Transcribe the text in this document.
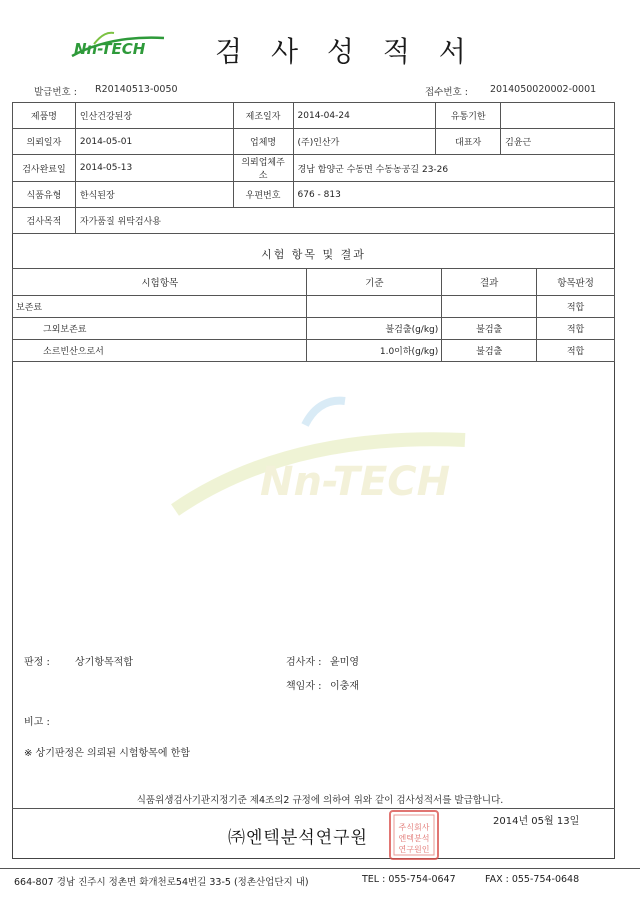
Nn-TECH 검 사 성 적 서
발급번호 : R20140513-0050	접수번호 : 2014050020002-0001
제품명	인산건강된장	제조일자	2014-04-24	유통기한	
의뢰일자	2014-05-01	업체명	(주)인산가	대표자	김윤근
검사완료일	2014-05-13	의뢰업체주소	경남 함양군 수동면 수동농공길 23-26		
식품유형	한식된장	우편번호	676 - 813		
검사목적	자가품질 위탁검사용				
시험 항목 및 결과
시험항목	기준	결과	항목판정
보존료			적합
그외보존료	불검출(g/kg)	불검출	적합
소르빈산으로서	1.0이하(g/kg)	불검출	적합
Nn-TECH
판정 :	상기항목적합	검사자 : 윤미영
책임자 : 이충재
비고 :
※ 상기판정은 의뢰된 시험항목에 한함
식품위생검사기관지정기준 제4조의2 규정에 의하여 위와 같이 검사성적서를 발급합니다.
2014년 05월 13일
㈜엔텍분석연구원
주식회사
엔텍분석
연구원인
664-807 경남 진주시 정촌면 화개천로54번길 33-5 (정촌산업단지 내)	TEL : 055-754-0647	FAX : 055-754-0648
